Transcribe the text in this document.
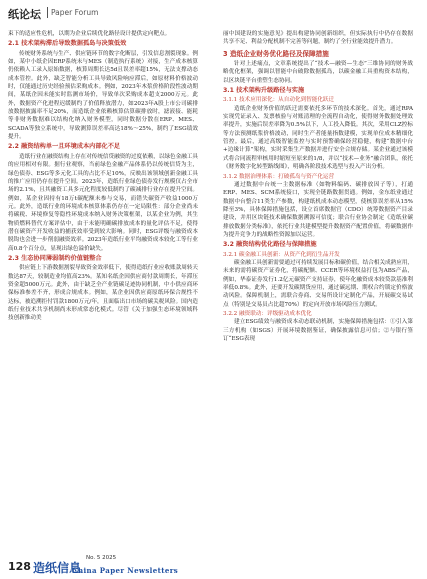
纸论坛 Paper Forum

束下的适应性危机，以期为企业后续优化路径设计提供定向靶点。

2.1 技术架构滞后导致数据孤岛与决策低效

传统财务系统与生产、供应链环节的数字化断层，引发信息割裂现象。例如，某中小纸企因ERP系统未与MES（制造执行系统）对接，生产成本核算仍依赖人工录入原始数据，核算周期长达5d且误差率超15%，无法支撑动态成本管控。此外，缺乏智能分析工具导致风险响应滞后，如原材料价格波动时，仅能通过历史经验预估采购成本。例如，2023年木浆价格阶段性波动期间，某纸企因未能实时监测市场价，导致单次采购成本超支2000万元。此外，数据资产化进程迟缓制约了价值释放潜力，如2023年A股上市公司碳排放数据披露率不足20%，而造纸企业依赖核算估算碳排放时，滤液接、能耗等非财务数据难以结构化纳入财务模型，同时数据分散在ERP、MES、SCADA等独立系统中，导致测算误差率高达18%～25%，制约了ESG绩效提升。

2.2 融资结构单一且环境成本内部化不足

造纸行业在融资结构上存在对传统信贷融资的过度依赖，以绿色金融工具的应用相对有限。据行业观察，当前绿色金融产品体系仍以传统信贷为主，绿色债券、ESG等多元化工具的占比不足10%，反映出该领域创新金融工具的推广应用仍存在提升空间。2023年，造纸行业绿色债券发行规模仅占全市场的2.1%，且其融资工具多元化程度较低制约了碳减排行业存在提升空间。例如，某企业因持有18万t碳配额未参与交易，而错失碳资产收益1000万元。此外，造纸行业的环境成本核算体系仍存在一定局限性：部分企业尚未将碳税、环境修复等隐性环境成本纳入财务决策框架，以某企业为例，其生物质燃料替代方案评估中，由于未能明确碳排放成本的量化评估不足，使得潜在碳资产开发收益的捕获效率受到较大影响。同时，ESG评级与融资成本脱钩也会进一步削弱融资效率。2023年造纸行业平均融资成本较化工等行业高0.8个百分点，显现出绿色溢价缺失。

2.3 生态协同薄弱制约价值链整合

供应链上下游数据割裂导致资金效率低下，使得造纸行业应收账款周转天数达87天，较制造业均值高23%。某知名纸企因供应商付款周期长，年滞压资金超5000万元。此外，由于缺乏全产业链碳足迹协同机制，中小供应商环保标准参差不齐，形成合规成本。例如，某企业因供应商原纸环保合规性不达标，被追溯拒付罚款1800万元/年，且面临出口市场的碳关税风险。国内造纸行业技术共享机制尚未形成常态化模式。尽管《关于加强生态环境领域科技创新推动美

丽中国建设的实施意见》提出构建协同创新组织，但实际执行中仍存在数据共享不足、利益分配机制不完善等问题，制约了全行业能效提升潜力。

3 造纸企业财务优化路径及保障措施

针对上述痛点，文章系统提出了“技术—融资—生态”三维协同的财务战略优化框架，强调以智能中台破除数据孤岛，以碳金融工具重构资本结构，以区块链平台重塑生态协同。

3.1 技术架构升级路径与实施
3.1.1 技术应用深化：从自动化到智能化跃迁

造纸企业财务价值的跃迁需要依托多环节的技术深化。首先，通过RPA实现凭证录入、发票核验与对账清理的全流程自动化，使得财务数据处理效率提升，实施后误差率降为0.5%以下，人工投入降低。其次，采用CLZ控标等方法预测纸浆价格波动，同时生产者能量指数建模，实现单位成本精细化管控。最后，通过高级智能监控与实时预警确保经营稳健，构建“数据中台+边缘计算”架构，实时采集生产数据并进行安全合规存储。某企业通过该模式将合同流程审核用时缩短至原来的1/8，并以“技术—业务”融合团队，依托《财务数字化转型路线图》，明确各阶段技术选型与投入产出分析。

3.1.2 数据治理体系：打破孤岛与资产化运营

通过数据中台统一主数据标准（如物料编码、碳排放因子等），打通ERP、MES、SCM系统接口，实现全链路数据贯通。例如，金东纸业通过数据中台整合11类生产参数，构建纸机成本动态模型，使核算误差率从15%降至3%，具体保障措施包括，设立首席数据官（CDO）统筹数据资产目录建设，并用区块链技术确保数据溯源可信度；联合行业协会制定《造纸业碳排放数据分类标准》，依托行业共建模型提升数据资产配置价值，将碳数据作为提升竞争力的战略性资源加以运营。

3.2 融资结构优化路径与保障措施
3.2.1 碳金融工具创新：从资产化到衍生品开发

碳金融工具创新需要通过可持续发展目标和碳价值，结合相关成熟应用，未来的需将碳资产证券化，将碳配额、CCER等环境权益打包为ABS产品，例如，华泰证券发行1.2亿元碳资产支持证券，使年化融资成本较贷款基准利率低0.8%。此外，还要开发碳期货应用，通过碳远期、期权合约锁定价格波动风险。保障机制上，需联合券商、交易所设计定制化产品，开展碳交易试点（特别是交易员占比超70%）的定向开放市场风险压力测试。

3.2.2 融资联动：评级驱动成本优化

建立ESG绩效与融资成本动态联动机制，实施保障措施包括：①引入第三方机构（如SGS）开展环境数据鉴证，确保披露信息可信；②与银行签订“ESG表现

128 造纸信息
China Paper Newsletters
No. 5 2025
